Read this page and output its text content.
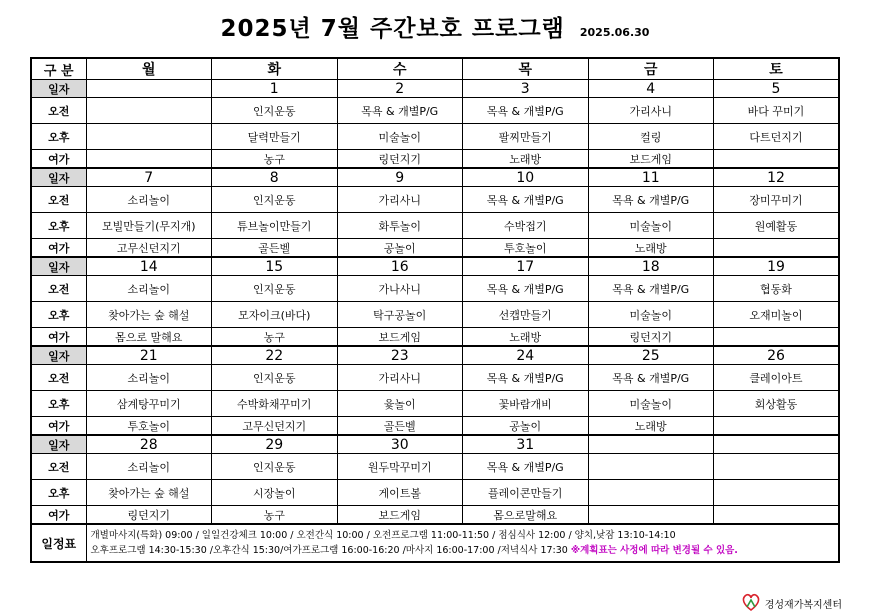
2025년 7월 주간보호 프로그램 2025.06.30
구 분	월	화	수	목	금	토
일자		1	2	3	4	5
오전		인지운동	목욕 & 개별P/G	목욕 & 개별P/G	가리사니	바다 꾸미기
오후		달력만들기	미술놀이	팔찌만들기	컬링	다트던지기
여가		농구	링던지기	노래방	보드게임	
일자	7	8	9	10	11	12
오전	소리놀이	인지운동	가리사니	목욕 & 개별P/G	목욕 & 개별P/G	장미꾸미기
오후	모빌만들기(무지개)	튜브놀이만들기	화투놀이	수박접기	미술놀이	원예활동
여가	고무신던지기	골든벨	공놀이	투호놀이	노래방	
일자	14	15	16	17	18	19
오전	소리놀이	인지운동	가나사니	목욕 & 개별P/G	목욕 & 개별P/G	협동화
오후	찾아가는 숲 해설	모자이크(바다)	탁구공놀이	선캡만들기	미술놀이	오재미놀이
여가	몸으로 말해요	농구	보드게임	노래방	링던지기	
일자	21	22	23	24	25	26
오전	소리놀이	인지운동	가리사니	목욕 & 개별P/G	목욕 & 개별P/G	클레이아트
오후	삼계탕꾸미기	수박화채꾸미기	윷놀이	꽃바람개비	미술놀이	회상활동
여가	투호놀이	고무신던지기	골든벨	공놀이	노래방	
일자	28	29	30	31		
오전	소리놀이	인지운동	원두막꾸미기	목욕 & 개별P/G		
오후	찾아가는 숲 해설	시장놀이	게이트볼	플레이콘만들기		
여가	링던지기	농구	보드게임	몸으로말해요		
일정표	개별마사지(특화) 09:00 / 일일건강체크 10:00 / 오전간식 10:00 / 오전프로그램 11:00-11:50 / 점심식사 12:00 / 양치,낮잠 13:10-14:10
오후프로그램 14:30-15:30 /오후간식 15:30/여가프로그램 16:00-16:20 /마사지 16:00-17:00 /저녁식사 17:30 ※계획표는 사정에 따라 변경될 수 있음.					
경성재가복지센터
